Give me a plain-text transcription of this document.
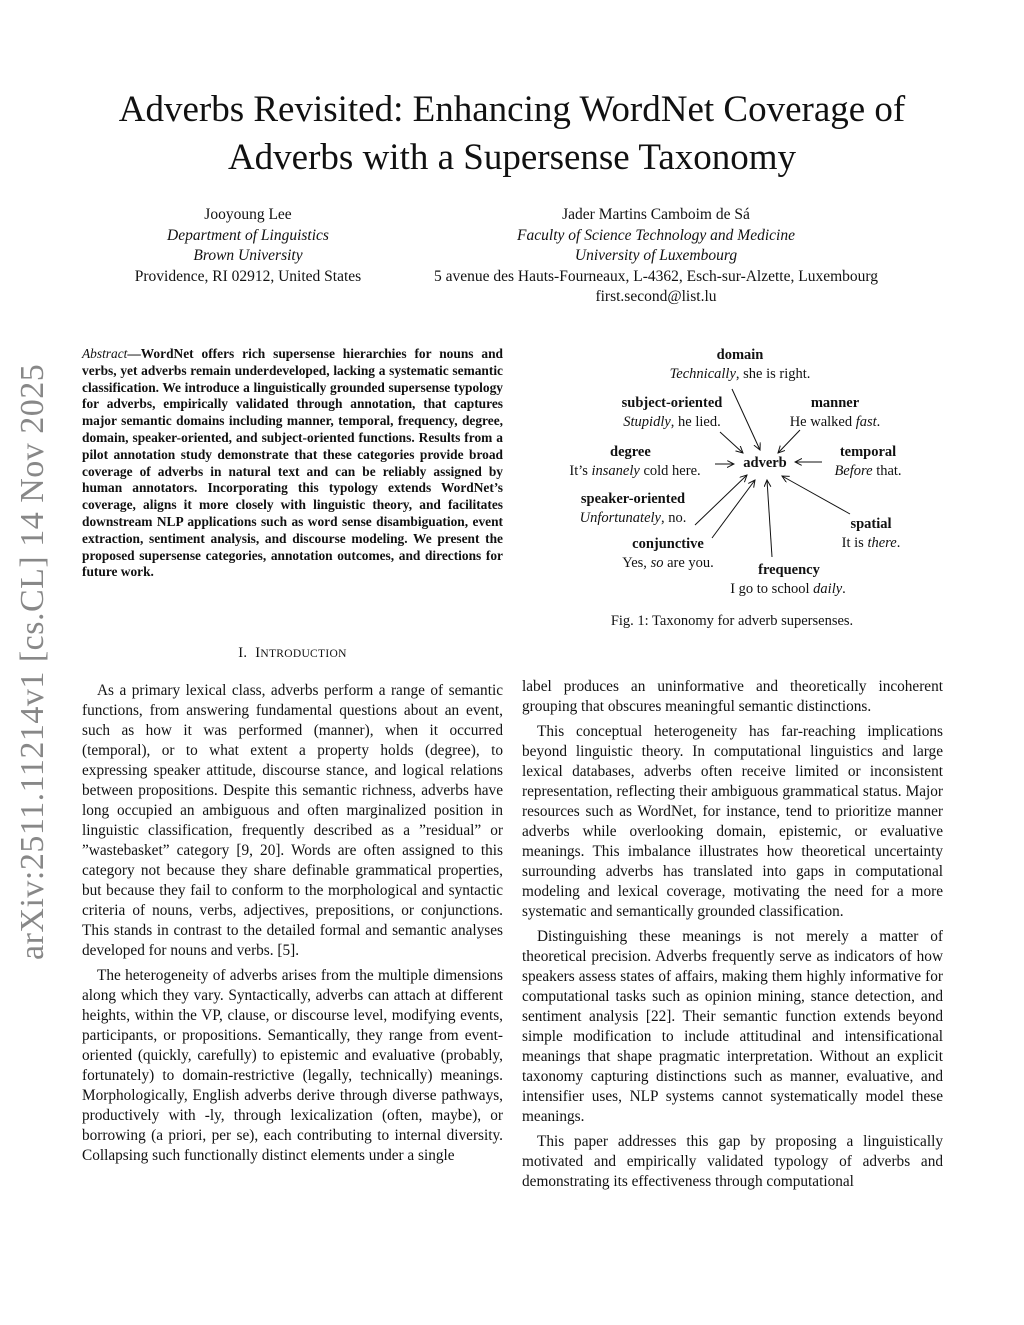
arXiv:2511.11214v1 [cs.CL] 14 Nov 2025
Adverbs Revisited: Enhancing WordNet Coverage of Adverbs with a Supersense Taxonomy
Jooyoung Lee
Department of Linguistics
Brown University
Providence, RI 02912, United States
Jader Martins Camboim de Sá
Faculty of Science Technology and Medicine
University of Luxembourg
5 avenue des Hauts-Fourneaux, L-4362, Esch-sur-Alzette, Luxembourg
first.second@list.lu
Abstract—WordNet offers rich supersense hierarchies for nouns and verbs, yet adverbs remain underdeveloped, lacking a systematic semantic classification. We introduce a linguistically grounded supersense typology for adverbs, empirically validated through annotation, that captures major semantic domains including manner, temporal, frequency, degree, domain, speaker-oriented, and subject-oriented functions. Results from a pilot annotation study demonstrate that these categories provide broad coverage of adverbs in natural text and can be reliably assigned by human annotators. Incorporating this typology extends WordNet’s coverage, aligns it more closely with linguistic theory, and facilitates downstream NLP applications such as word sense disambiguation, event extraction, sentiment analysis, and discourse modeling. We present the proposed supersense categories, annotation outcomes, and directions for future work.
I. INTRODUCTION

As a primary lexical class, adverbs perform a range of semantic functions, from answering fundamental questions about an event, such as how it was performed (manner), when it occurred (temporal), or to what extent a property holds (degree), to expressing speaker attitude, discourse stance, and logical relations between propositions. Despite this semantic richness, adverbs have long occupied an ambiguous and often marginalized position in linguistic classification, frequently described as a ”residual” or ”wastebasket” category [9, 20]. Words are often assigned to this category not because they share definable grammatical properties, but because they fail to conform to the morphological and syntactic criteria of nouns, verbs, adjectives, prepositions, or conjunctions. This stands in contrast to the detailed formal and semantic analyses developed for nouns and verbs. [5].

The heterogeneity of adverbs arises from the multiple dimensions along which they vary. Syntactically, adverbs can attach at different heights, within the VP, clause, or discourse level, modifying events, participants, or propositions. Semantically, they range from event-oriented (quickly, carefully) to epistemic and evaluative (probably, fortunately) to domain-restrictive (legally, technically) meanings. Morphologically, English adverbs derive through diverse pathways, productively with -ly, through lexicalization (often, maybe), or borrowing (a priori, per se), each contributing to internal diversity. Collapsing such functionally distinct elements under a single

label produces an uninformative and theoretically incoherent grouping that obscures meaningful semantic distinctions.

This conceptual heterogeneity has far-reaching implications beyond linguistic theory. In computational linguistics and large lexical databases, adverbs often receive limited or inconsistent representation, reflecting their ambiguous grammatical status. Major resources such as WordNet, for instance, tend to prioritize manner adverbs while overlooking domain, epistemic, or evaluative meanings. This imbalance illustrates how theoretical uncertainty surrounding adverbs has translated into gaps in computational modeling and lexical coverage, motivating the need for a more systematic and semantically grounded classification.

Distinguishing these meanings is not merely a matter of theoretical precision. Adverbs frequently serve as indicators of how speakers assess states of affairs, making them highly informative for computational tasks such as opinion mining, stance detection, and sentiment analysis [22]. Their semantic function extends beyond simple modification to include attitudinal and intensificational meanings that shape pragmatic interpretation. Without an explicit taxonomy capturing distinctions such as manner, evaluative, and intensifier uses, NLP systems cannot systematically model these meanings.

This paper addresses this gap by proposing a linguistically motivated and empirically validated typology of adverbs and demonstrating its effectiveness through computational

adverb
domain
Technically, she is right.
subject-oriented
Stupidly, he lied.
manner
He walked fast.
degree
It’s insanely cold here.
temporal
Before that.
speaker-oriented
Unfortunately, no.	spatial
It is there.
conjunctive
Yes, so are you.	frequency
I go to school daily.
Fig. 1: Taxonomy for adverb supersenses.
